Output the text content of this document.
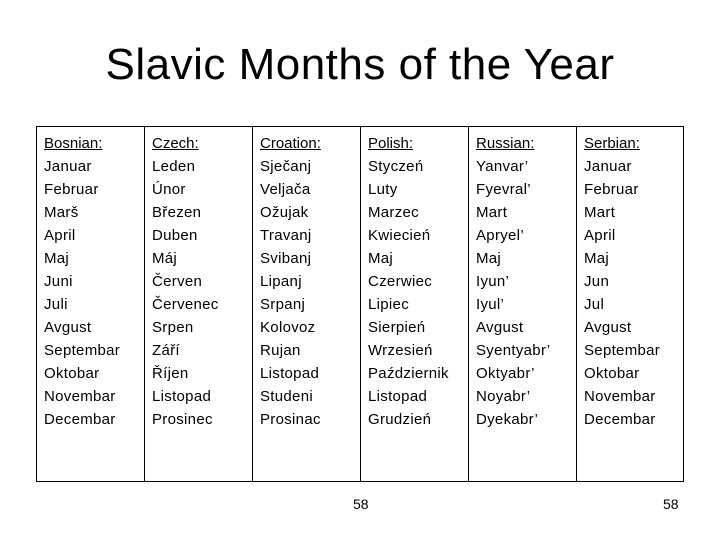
Slavic Months of the Year
Bosnian:
Januar
Februar
Marš
April
Maj
Juni
Juli
Avgust
Septembar
Oktobar
Novembar
Decembar
Czech:
Leden
Únor
Březen
Duben
Máj
Červen
Červenec
Srpen
Září
Říjen
Listopad
Prosinec
Croation:
Sječanj
Veljača
Ožujak
Travanj
Svibanj
Lipanj
Srpanj
Kolovoz
Rujan
Listopad
Studeni
Prosinac
Polish:
Styczeń
Luty
Marzec
Kwiecień
Maj
Czerwiec
Lipiec
Sierpień
Wrzesień
Październik
Listopad
Grudzień
Russian:
Yanvar’
Fyevral’
Mart
Apryel’
Maj
Iyun’
Iyul’
Avgust
Syentyabr’
Oktyabr’
Noyabr’
Dyekabr’
Serbian:
Januar
Februar
Mart
April
Maj
Jun
Jul
Avgust
Septembar
Oktobar
Novembar
Decembar
58	58
